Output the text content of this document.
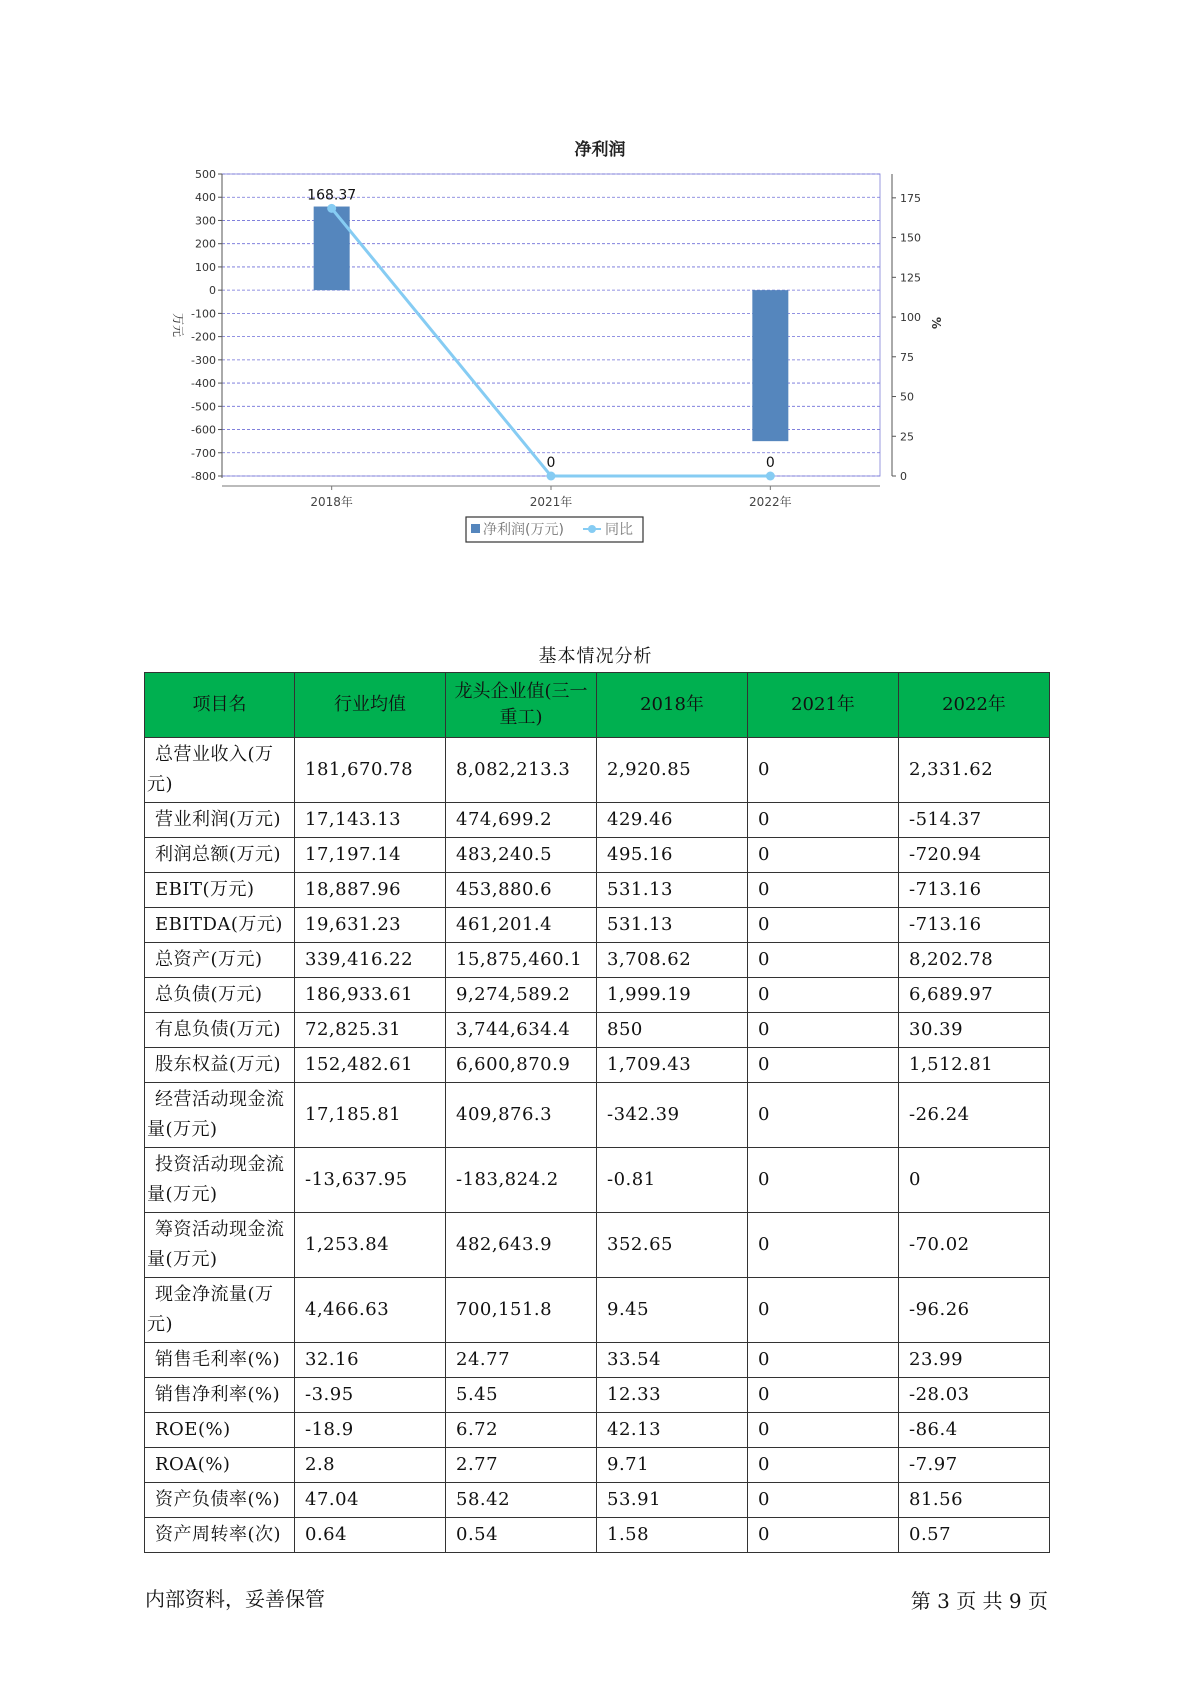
净利润
500
400
300
200
100
0
-100
-200
-300
-400
-500
-600
-700
-800
175
150
125
100
75
50
25
0
168.37
0	0
2018年	2021年	2022年
万元	%
净利润(万元)	同比
基本情况分析
项目名	行业均值	龙头企业值(三一重工)	2018年	2021年	2022年
总营业收入(万元)	181,670.78	8,082,213.3	2,920.85	0	2,331.62
营业利润(万元)	17,143.13	474,699.2	429.46	0	-514.37
利润总额(万元)	17,197.14	483,240.5	495.16	0	-720.94
EBIT(万元)	18,887.96	453,880.6	531.13	0	-713.16
EBITDA(万元)	19,631.23	461,201.4	531.13	0	-713.16
总资产(万元)	339,416.22	15,875,460.1	3,708.62	0	8,202.78
总负债(万元)	186,933.61	9,274,589.2	1,999.19	0	6,689.97
有息负债(万元)	72,825.31	3,744,634.4	850	0	30.39
股东权益(万元)	152,482.61	6,600,870.9	1,709.43	0	1,512.81
经营活动现金流量(万元)	17,185.81	409,876.3	-342.39	0	-26.24
投资活动现金流量(万元)	-13,637.95	-183,824.2	-0.81	0	0
筹资活动现金流量(万元)	1,253.84	482,643.9	352.65	0	-70.02
现金净流量(万元)	4,466.63	700,151.8	9.45	0	-96.26
销售毛利率(%)	32.16	24.77	33.54	0	23.99
销售净利率(%)	-3.95	5.45	12.33	0	-28.03
ROE(%)	-18.9	6.72	42.13	0	-86.4
ROA(%)	2.8	2.77	9.71	0	-7.97
资产负债率(%)	47.04	58.42	53.91	0	81.56
资产周转率(次)	0.64	0.54	1.58	0	0.57
内部资料，妥善保管	第 3 页 共 9 页
